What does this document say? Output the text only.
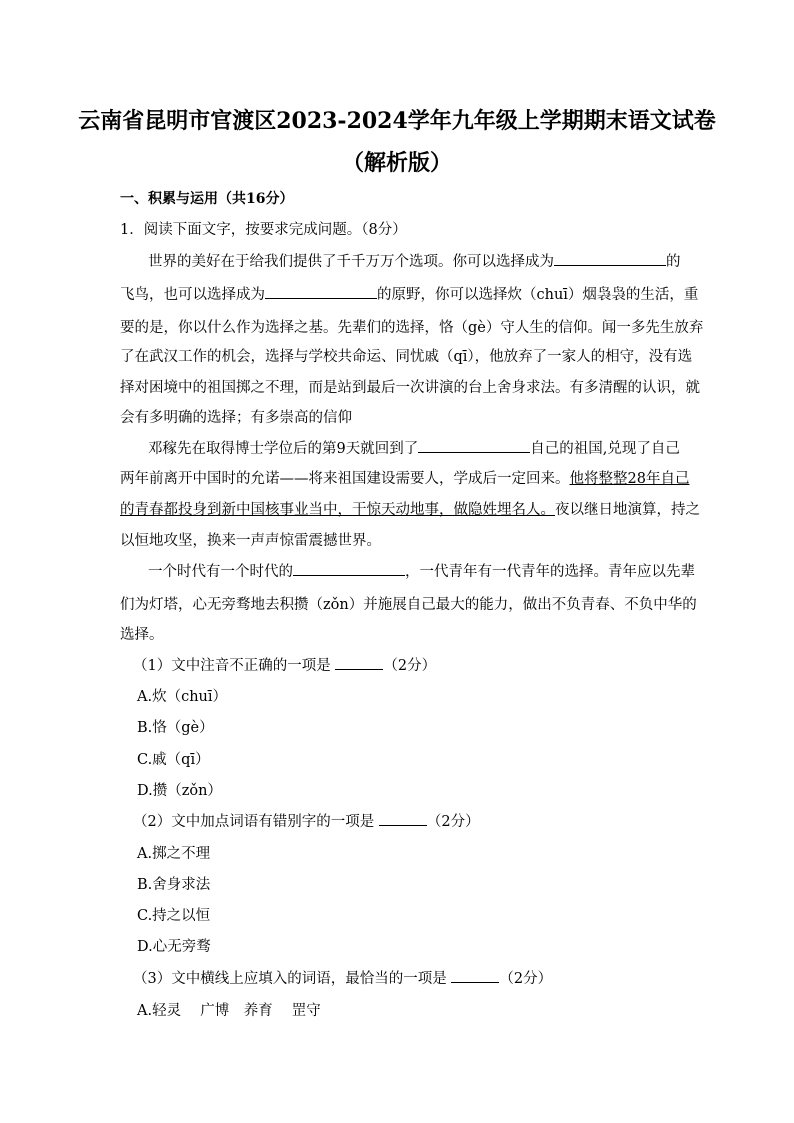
云南省昆明市官渡区2023-2024学年九年级上学期期末语文试卷
（解析版）
一、积累与运用（共16分）
1．阅读下面文字，按要求完成问题。（8分）
世界的美好在于给我们提供了千千万万个选项。你可以选择成为	的
飞鸟，也可以选择成为	的原野，你可以选择炊（chuī）烟袅袅的生活，重
要的是，你以什么作为选择之基。先辈们的选择，恪（gè）守人生的信仰。闻一多先生放弃
了在武汉工作的机会，选择与学校共命运、同忧戚（qī），他放弃了一家人的相守，没有选
择对困境中的祖国掷之不理，而是站到最后一次讲演的台上舍身求法。有多清醒的认识，就
会有多明确的选择；有多崇高的信仰
邓稼先在取得博士学位后的第9天就回到了	自己的祖国,兑现了自己
两年前离开中国时的允诺——将来祖国建设需要人，学成后一定回来。他将整整28年自己
的青春都投身到新中国核事业当中，干惊天动地事，做隐姓埋名人。夜以继日地演算，持之
以恒地攻坚，换来一声声惊雷震撼世界。
一个时代有一个时代的	，一代青年有一代青年的选择。青年应以先辈
们为灯塔，心无旁骛地去积攒（zǒn）并施展自己最大的能力，做出不负青春、不负中华的
选择。
（1）文中注音不正确的一项是	（2分）
A.炊（chuī）
B.恪（gè）
C.戚（qī）
D.攒（zǒn）
（2）文中加点词语有错别字的一项是	（2分）
A.掷之不理
B.舍身求法
C.持之以恒
D.心无旁骛
（3）文中横线上应填入的词语，最恰当的一项是	（2分）
A.轻灵　 广博　养育　 罡守
